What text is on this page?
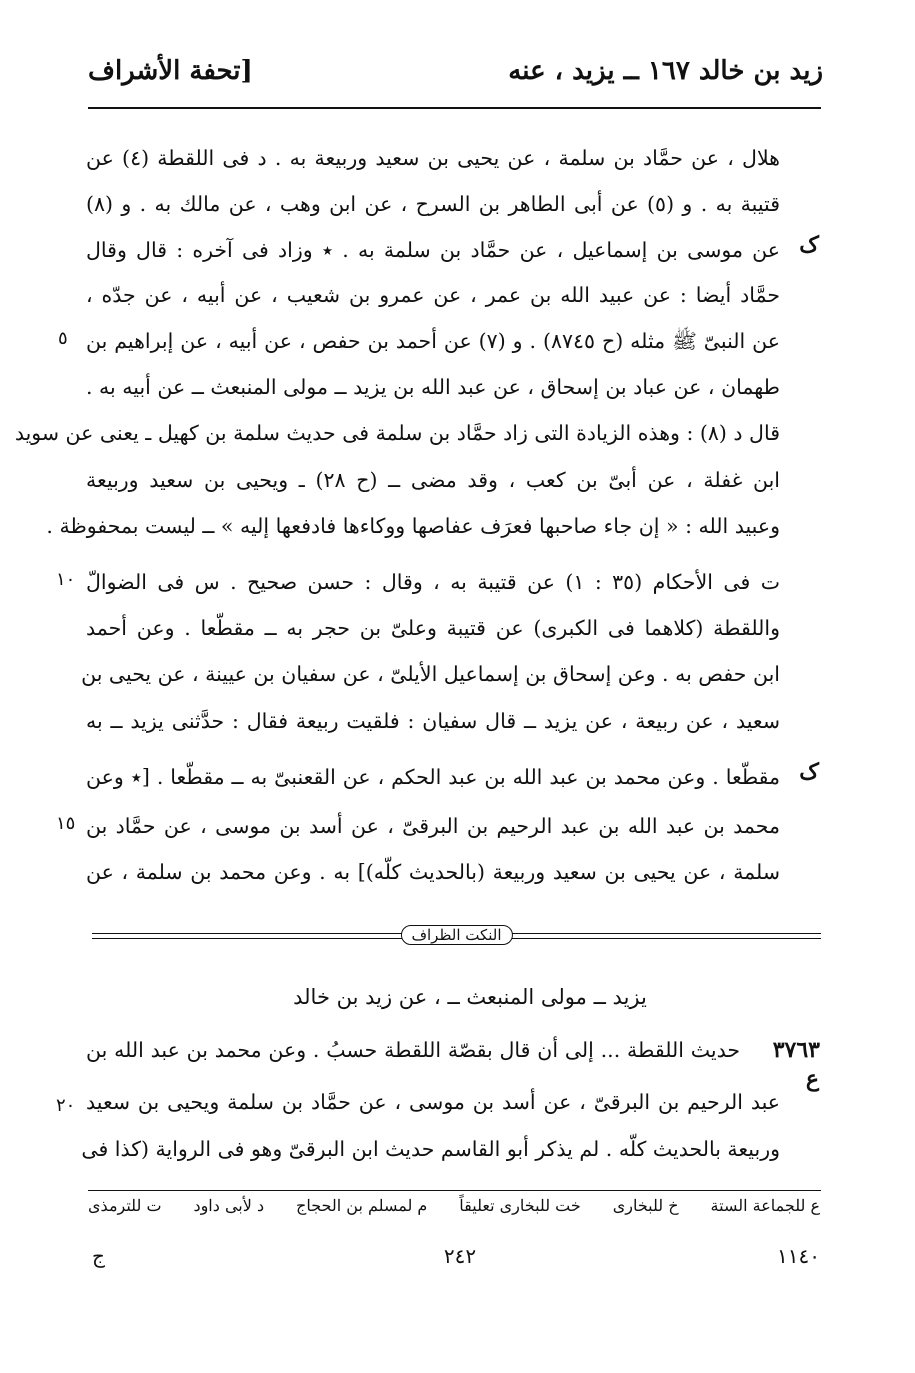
زيد بن خالد ١٦٧ ــ يزيد ، عنه
[تحفة الأشراف
هلال ، عن حمَّاد بن سلمة ، عن يحيى بن سعيد وربيعة به . د فى اللقطة (٤) عن
قتيبة به . و (٥) عن أبى الطاهر بن السرح ، عن ابن وهب ، عن مالك به . و (٨)
عن موسى بن إسماعيل ، عن حمَّاد بن سلمة به . ٭ وزاد فى آخره : قال وقال
حمَّاد أيضا : عن عبيد الله بن عمر ، عن عمرو بن شعيب ، عن أبيه ، عن جدّه ،
عن النبىّ ﷺ مثله (ح ٨٧٤٥) . و (٧) عن أحمد بن حفص ، عن أبيه ، عن إبراهيم بن
طهمان ، عن عباد بن إسحاق ، عن عبد الله بن يزيد ــ مولى المنبعث ــ عن أبيه به .
قال د (٨) : وهذه الزيادة التى زاد حمَّاد بن سلمة فى حديث سلمة بن كهيل ـ يعنى عن سويد
ابن غفلة ، عن أبىّ بن كعب ، وقد مضى ــ (ح ٢٨) ـ ويحيى بن سعيد وربيعة
وعبيد الله : « إن جاء صاحبها فعرَف عفاصها ووكاءها فادفعها إليه » ــ ليست بمحفوظة .
ت فى الأحكام (٣٥ : ١) عن قتيبة به ، وقال : حسن صحيح . س فى الضوالّ
واللقطة (كلاهما فى الكبرى) عن قتيبة وعلىّ بن حجر به ــ مقطّعا . وعن أحمد
ابن حفص به . وعن إسحاق بن إسماعيل الأيلىّ ، عن سفيان بن عيينة ، عن يحيى بن
سعيد ، عن ربيعة ، عن يزيد ــ قال سفيان : فلقيت ربيعة فقال : حدَّثنى يزيد ــ به
مقطّعا . وعن محمد بن عبد الله بن عبد الحكم ، عن القعنبىّ به ــ مقطّعا . [٭ وعن
محمد بن عبد الله بن عبد الرحيم بن البرقىّ ، عن أسد بن موسى ، عن حمَّاد بن
سلمة ، عن يحيى بن سعيد وربيعة (بالحديث كلّه)] به . وعن محمد بن سلمة ، عن
ک
ک
ع
٥
١٠
١٥
٢٠
النكت الظراف
يزيد ــ مولى المنبعث ــ ، عن زيد بن خالد
٣٧٦٣
حديث اللقطة ... إلى أن قال بقصّة اللقطة حسبُ . وعن محمد بن عبد الله بن
عبد الرحيم بن البرقىّ ، عن أسد بن موسى ، عن حمَّاد بن سلمة ويحيى بن سعيد
وربيعة بالحديث كلّه . لم يذكر أبو القاسم حديث ابن البرقىّ وهو فى الرواية (كذا فى
ع للجماعة الستة
خ للبخارى
خت للبخارى تعليقاً
م لمسلم بن الحجاج
د لأبى داود
ت للترمذى
١١٤٠
٢٤٢
ج
